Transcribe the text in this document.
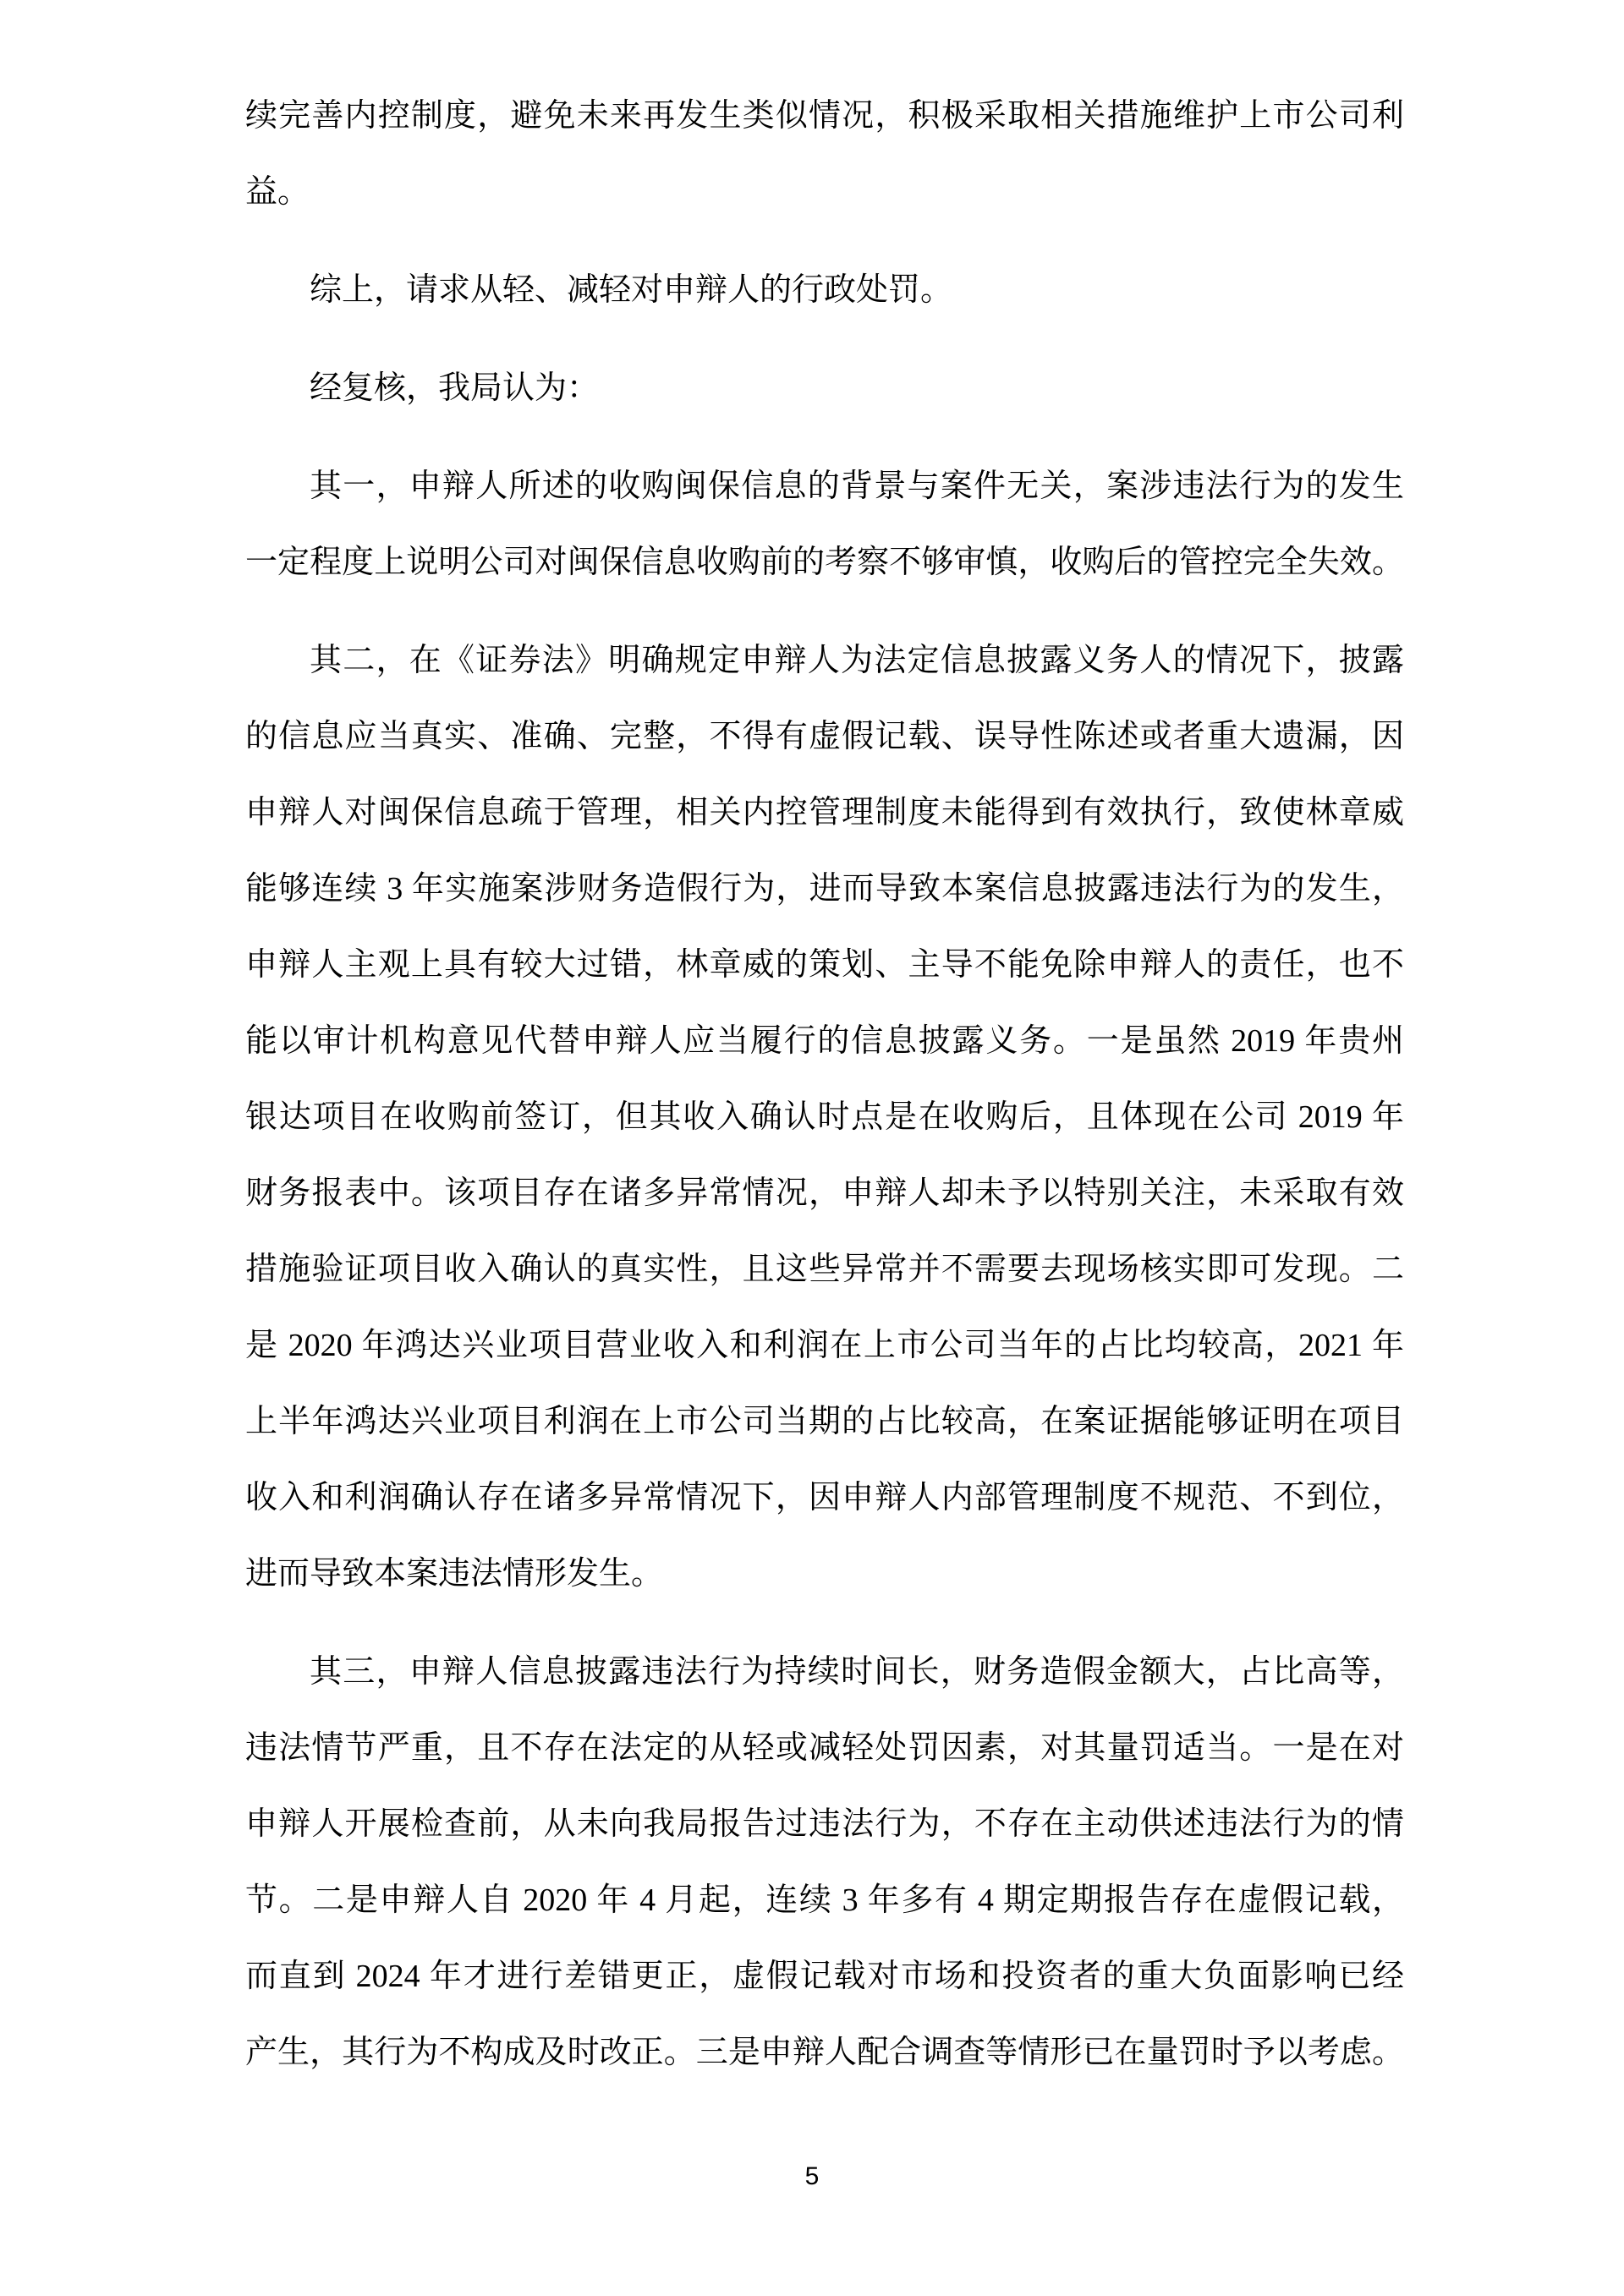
续完善内控制度，避免未来再发生类似情况，积极采取相关措施维护上市公司利
益。
综上，请求从轻、减轻对申辩人的行政处罚。
经复核，我局认为：
其一，申辩人所述的收购闽保信息的背景与案件无关，案涉违法行为的发生
一定程度上说明公司对闽保信息收购前的考察不够审慎，收购后的管控完全失效。
其二，在《证券法》明确规定申辩人为法定信息披露义务人的情况下，披露
的信息应当真实、准确、完整，不得有虚假记载、误导性陈述或者重大遗漏，因
申辩人对闽保信息疏于管理，相关内控管理制度未能得到有效执行，致使林章威
能够连续 3 年实施案涉财务造假行为，进而导致本案信息披露违法行为的发生，
申辩人主观上具有较大过错，林章威的策划、主导不能免除申辩人的责任，也不
能以审计机构意见代替申辩人应当履行的信息披露义务。一是虽然 2019 年贵州
银达项目在收购前签订，但其收入确认时点是在收购后，且体现在公司 2019 年
财务报表中。该项目存在诸多异常情况，申辩人却未予以特别关注，未采取有效
措施验证项目收入确认的真实性，且这些异常并不需要去现场核实即可发现。二
是 2020 年鸿达兴业项目营业收入和利润在上市公司当年的占比均较高，2021 年
上半年鸿达兴业项目利润在上市公司当期的占比较高，在案证据能够证明在项目
收入和利润确认存在诸多异常情况下，因申辩人内部管理制度不规范、不到位，
进而导致本案违法情形发生。
其三，申辩人信息披露违法行为持续时间长，财务造假金额大，占比高等，
违法情节严重，且不存在法定的从轻或减轻处罚因素，对其量罚适当。一是在对
申辩人开展检查前，从未向我局报告过违法行为，不存在主动供述违法行为的情
节。二是申辩人自 2020 年 4 月起，连续 3 年多有 4 期定期报告存在虚假记载，
而直到 2024 年才进行差错更正，虚假记载对市场和投资者的重大负面影响已经
产生，其行为不构成及时改正。三是申辩人配合调查等情形已在量罚时予以考虑。
5
